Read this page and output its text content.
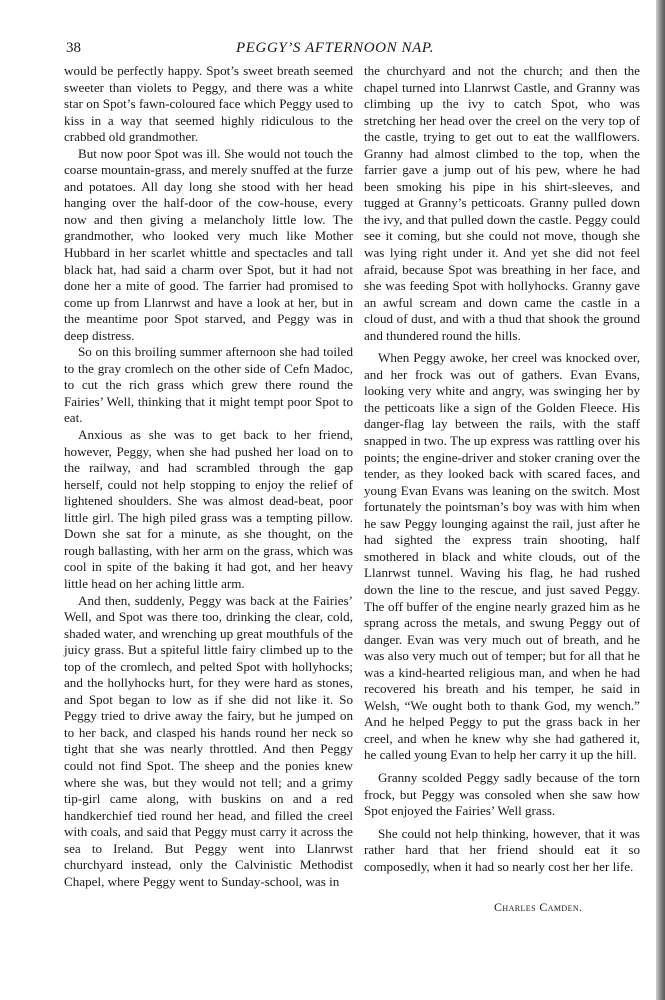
38	PEGGY’S AFTERNOON NAP.

would be perfectly happy. Spot’s sweet breath seemed sweeter than violets to Peggy, and there was a white star on Spot’s fawn-coloured face which Peggy used to kiss in a way that seemed highly ridiculous to the crabbed old grandmother.

But now poor Spot was ill. She would not touch the coarse mountain-grass, and merely snuffed at the furze and potatoes. All day long she stood with her head hanging over the half-door of the cow-house, every now and then giving a melancholy little low. The grandmother, who looked very much like Mother Hubbard in her scarlet whittle and spectacles and tall black hat, had said a charm over Spot, but it had not done her a mite of good. The farrier had promised to come up from Llanrwst and have a look at her, but in the meantime poor Spot starved, and Peggy was in deep distress.

So on this broiling summer afternoon she had toiled to the gray cromlech on the other side of Cefn Madoc, to cut the rich grass which grew there round the Fairies’ Well, thinking that it might tempt poor Spot to eat.

Anxious as she was to get back to her friend, however, Peggy, when she had pushed her load on to the railway, and had scrambled through the gap herself, could not help stopping to enjoy the relief of lightened shoulders. She was almost dead-beat, poor little girl. The high piled grass was a tempting pillow. Down she sat for a minute, as she thought, on the rough ballasting, with her arm on the grass, which was cool in spite of the baking it had got, and her heavy little head on her aching little arm.

And then, suddenly, Peggy was back at the Fairies’ Well, and Spot was there too, drinking the clear, cold, shaded water, and wrenching up great mouthfuls of the juicy grass. But a spiteful little fairy climbed up to the top of the cromlech, and pelted Spot with hollyhocks; and the hollyhocks hurt, for they were hard as stones, and Spot began to low as if she did not like it. So Peggy tried to drive away the fairy, but he jumped on to her back, and clasped his hands round her neck so tight that she was nearly throttled. And then Peggy could not find Spot. The sheep and the ponies knew where she was, but they would not tell; and a grimy tip-girl came along, with buskins on and a red handkerchief tied round her head, and filled the creel with coals, and said that Peggy must carry it across the sea to Ireland. But Peggy went into Llanrwst churchyard instead, only the Calvinistic Methodist Chapel, where Peggy went to Sunday-school, was in

the churchyard and not the church; and then the chapel turned into Llanrwst Castle, and Granny was climbing up the ivy to catch Spot, who was stretching her head over the creel on the very top of the castle, trying to get out to eat the wallflowers. Granny had almost climbed to the top, when the farrier gave a jump out of his pew, where he had been smoking his pipe in his shirt-sleeves, and tugged at Granny’s petticoats. Granny pulled down the ivy, and that pulled down the castle. Peggy could see it coming, but she could not move, though she was lying right under it. And yet she did not feel afraid, because Spot was breathing in her face, and she was feeding Spot with hollyhocks. Granny gave an awful scream and down came the castle in a cloud of dust, and with a thud that shook the ground and thundered round the hills.

When Peggy awoke, her creel was knocked over, and her frock was out of gathers. Evan Evans, looking very white and angry, was swinging her by the petticoats like a sign of the Golden Fleece. His danger-flag lay between the rails, with the staff snapped in two. The up express was rattling over his points; the engine-driver and stoker craning over the tender, as they looked back with scared faces, and young Evan Evans was leaning on the switch. Most fortunately the pointsman’s boy was with him when he saw Peggy lounging against the rail, just after he had sighted the express train shooting, half smothered in black and white clouds, out of the Llanrwst tunnel. Waving his flag, he had rushed down the line to the rescue, and just saved Peggy. The off buffer of the engine nearly grazed him as he sprang across the metals, and swung Peggy out of danger. Evan was very much out of breath, and he was also very much out of temper; but for all that he was a kind-hearted religious man, and when he had recovered his breath and his temper, he said in Welsh, “We ought both to thank God, my wench.” And he helped Peggy to put the grass back in her creel, and when he knew why she had gathered it, he called young Evan to help her carry it up the hill.

Granny scolded Peggy sadly because of the torn frock, but Peggy was consoled when she saw how Spot enjoyed the Fairies’ Well grass.

She could not help thinking, however, that it was rather hard that her friend should eat it so composedly, when it had so nearly cost her her life.

Charles Camden.
